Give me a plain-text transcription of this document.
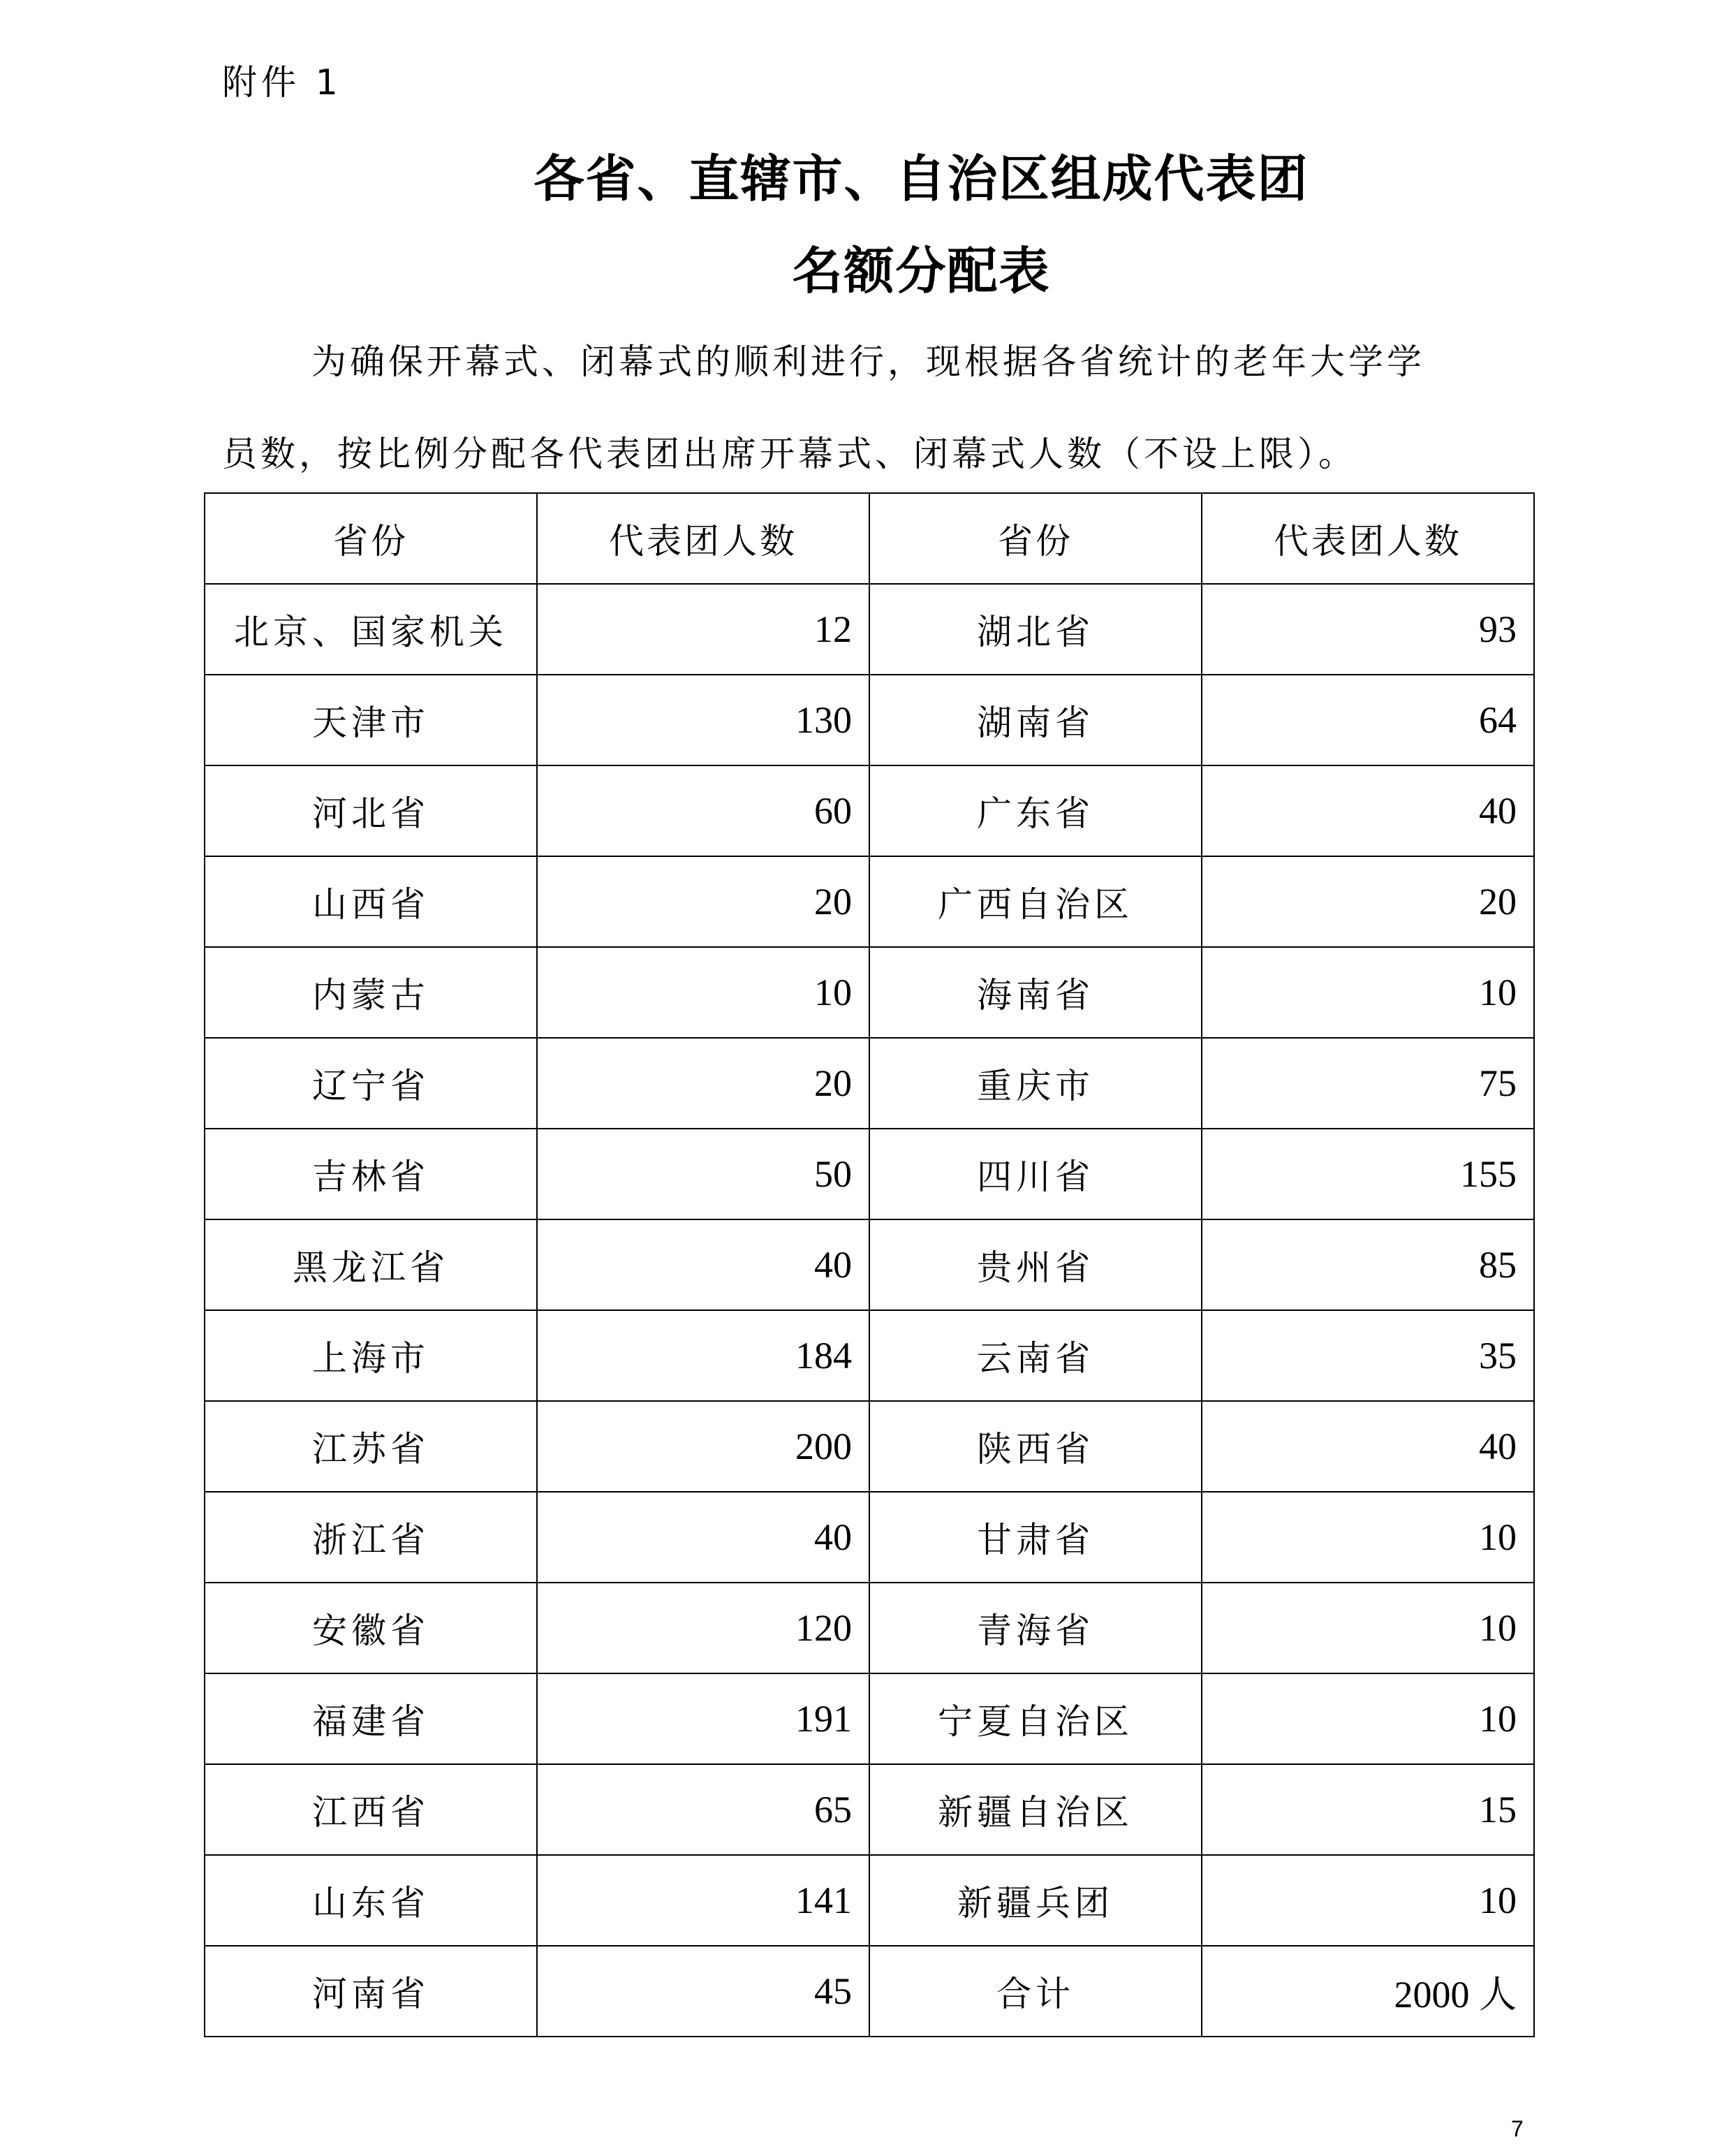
附件 1
各省、直辖市、自治区组成代表团
名额分配表
为确保开幕式、闭幕式的顺利进行，现根据各省统计的老年大学学
员数，按比例分配各代表团出席开幕式、闭幕式人数（不设上限）。
省份	代表团人数	省份	代表团人数
北京、国家机关	12	湖北省	93
天津市	130	湖南省	64
河北省	60	广东省	40
山西省	20	广西自治区	20
内蒙古	10	海南省	10
辽宁省	20	重庆市	75
吉林省	50	四川省	155
黑龙江省	40	贵州省	85
上海市	184	云南省	35
江苏省	200	陕西省	40
浙江省	40	甘肃省	10
安徽省	120	青海省	10
福建省	191	宁夏自治区	10
江西省	65	新疆自治区	15
山东省	141	新疆兵团	10
河南省	45	合计	2000 人
7
